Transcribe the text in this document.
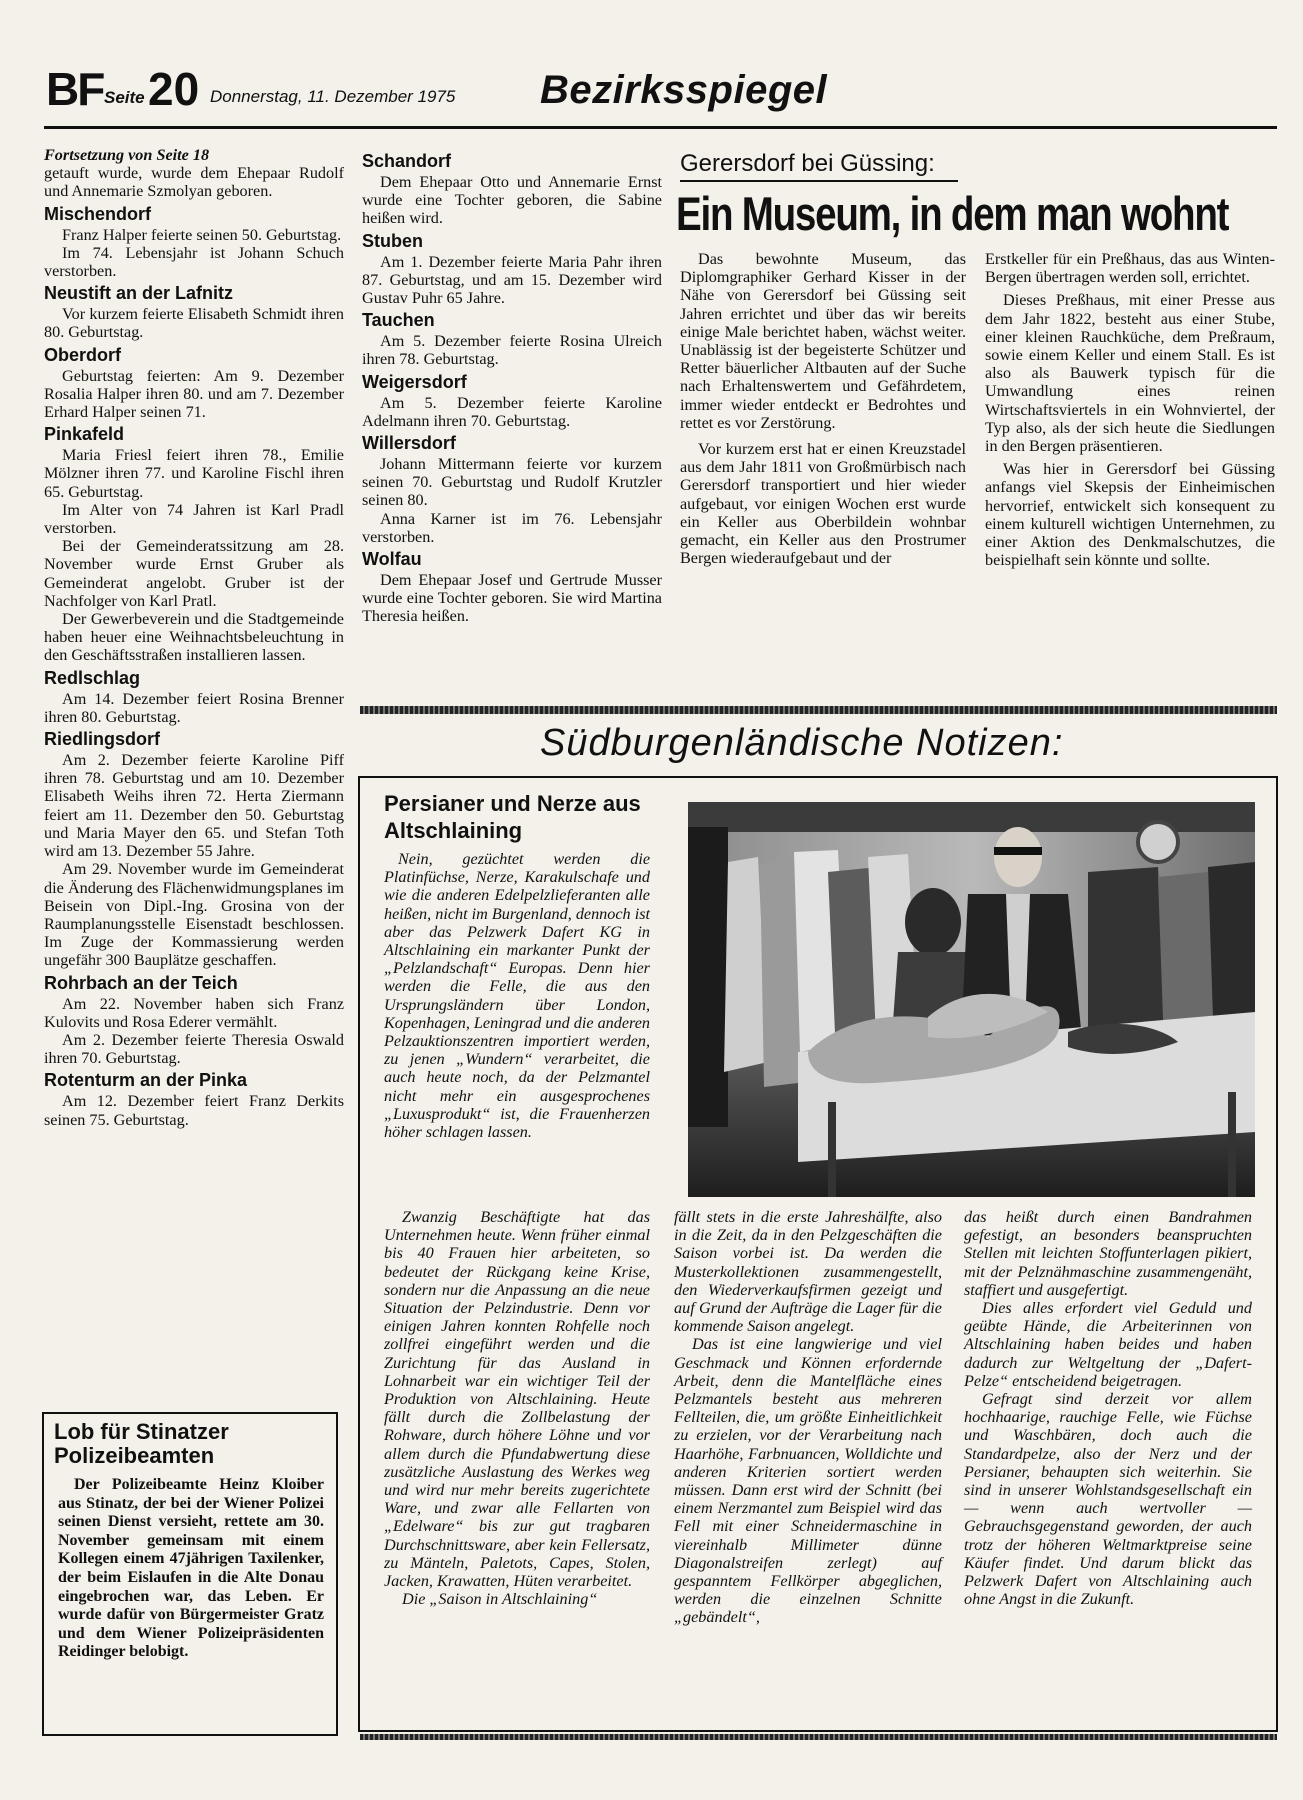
BF Seite 20 Donnerstag, 11. Dezember 1975 Bezirksspiegel

Fortsetzung von Seite 18

getauft wurde, wurde dem Ehepaar Rudolf und Annemarie Szmolyan geboren.

Mischendorf

Franz Halper feierte seinen 50. Geburtstag.

Im 74. Lebensjahr ist Johann Schuch verstorben.

Neustift an der Lafnitz

Vor kurzem feierte Elisabeth Schmidt ihren 80. Geburtstag.

Oberdorf

Geburtstag feierten: Am 9. Dezember Rosalia Halper ihren 80. und am 7. Dezember Erhard Halper seinen 71.

Pinkafeld

Maria Friesl feiert ihren 78., Emilie Mölzner ihren 77. und Karoline Fischl ihren 65. Geburtstag.

Im Alter von 74 Jahren ist Karl Pradl verstorben.

Bei der Gemeinderatssitzung am 28. November wurde Ernst Gruber als Gemeinderat angelobt. Gruber ist der Nachfolger von Karl Pratl.

Der Gewerbeverein und die Stadtgemeinde haben heuer eine Weihnachtsbeleuchtung in den Geschäftsstraßen installieren lassen.

Redlschlag

Am 14. Dezember feiert Rosina Brenner ihren 80. Geburtstag.

Riedlingsdorf

Am 2. Dezember feierte Karoline Piff ihren 78. Geburtstag und am 10. Dezember Elisabeth Weihs ihren 72. Herta Ziermann feiert am 11. Dezember den 50. Geburtstag und Maria Mayer den 65. und Stefan Toth wird am 13. Dezember 55 Jahre.

Am 29. November wurde im Gemeinderat die Änderung des Flächenwidmungsplanes im Beisein von Dipl.-Ing. Grosina von der Raumplanungsstelle Eisenstadt beschlossen. Im Zuge der Kommassierung werden ungefähr 300 Bauplätze geschaffen.

Rohrbach an der Teich

Am 22. November haben sich Franz Kulovits und Rosa Ederer vermählt.

Am 2. Dezember feierte Theresia Oswald ihren 70. Geburtstag.

Rotenturm an der Pinka

Am 12. Dezember feiert Franz Derkits seinen 75. Geburtstag.

Lob für Stinatzer Polizeibeamten

Der Polizeibeamte Heinz Kloiber aus Stinatz, der bei der Wiener Polizei seinen Dienst versieht, rettete am 30. November gemeinsam mit einem Kollegen einem 47jährigen Taxilenker, der beim Eislaufen in die Alte Donau eingebrochen war, das Leben. Er wurde dafür von Bürgermeister Gratz und dem Wiener Polizeipräsidenten Reidinger belobigt.

Schandorf

Dem Ehepaar Otto und Annemarie Ernst wurde eine Tochter geboren, die Sabine heißen wird.

Stuben

Am 1. Dezember feierte Maria Pahr ihren 87. Geburtstag, und am 15. Dezember wird Gustav Puhr 65 Jahre.

Tauchen

Am 5. Dezember feierte Rosina Ulreich ihren 78. Geburtstag.

Weigersdorf

Am 5. Dezember feierte Karoline Adelmann ihren 70. Geburtstag.

Willersdorf

Johann Mittermann feierte vor kurzem seinen 70. Geburtstag und Rudolf Krutzler seinen 80.

Anna Karner ist im 76. Lebensjahr verstorben.

Wolfau

Dem Ehepaar Josef und Gertrude Musser wurde eine Tochter geboren. Sie wird Martina Theresia heißen.

Gerersdorf bei Güssing:
Ein Museum, in dem man wohnt

Das bewohnte Museum, das Diplomgraphiker Gerhard Kisser in der Nähe von Gerersdorf bei Güssing seit Jahren errichtet und über das wir bereits einige Male berichtet haben, wächst weiter. Unablässig ist der begeisterte Schützer und Retter bäuerlicher Altbauten auf der Suche nach Erhaltenswertem und Gefährdetem, immer wieder entdeckt er Bedrohtes und rettet es vor Zerstörung.

Vor kurzem erst hat er einen Kreuzstadel aus dem Jahr 1811 von Großmürbisch nach Gerersdorf transportiert und hier wieder aufgebaut, vor einigen Wochen erst wurde ein Keller aus Oberbildein wohnbar gemacht, ein Keller aus den Prostrumer Bergen wiederaufgebaut und der

Erstkeller für ein Preßhaus, das aus Winten-Bergen übertragen werden soll, errichtet.

Dieses Preßhaus, mit einer Presse aus dem Jahr 1822, besteht aus einer Stube, einer kleinen Rauchküche, dem Preßraum, sowie einem Keller und einem Stall. Es ist also als Bauwerk typisch für die Umwandlung eines reinen Wirtschaftsviertels in ein Wohnviertel, der Typ also, als der sich heute die Siedlungen in den Bergen präsentieren.

Was hier in Gerersdorf bei Güssing anfangs viel Skepsis der Einheimischen hervorrief, entwickelt sich konsequent zu einem kulturell wichtigen Unternehmen, zu einer Aktion des Denkmalschutzes, die beispielhaft sein könnte und sollte.

Südburgenländische Notizen:
Persianer und Nerze aus Altschlaining

Nein, gezüchtet werden die Platinfüchse, Nerze, Karakulschafe und wie die anderen Edelpelzlieferanten alle heißen, nicht im Burgenland, dennoch ist aber das Pelzwerk Dafert KG in Altschlaining ein markanter Punkt der „Pelzlandschaft“ Europas. Denn hier werden die Felle, die aus den Ursprungsländern über London, Kopenhagen, Leningrad und die anderen Pelzauktionszentren importiert werden, zu jenen „Wundern“ verarbeitet, die auch heute noch, da der Pelzmantel nicht mehr ein ausgesprochenes „Luxusprodukt“ ist, die Frauenherzen höher schlagen lassen.

Zwanzig Beschäftigte hat das Unternehmen heute. Wenn früher einmal bis 40 Frauen hier arbeiteten, so bedeutet der Rückgang keine Krise, sondern nur die Anpassung an die neue Situation der Pelzindustrie. Denn vor einigen Jahren konnten Rohfelle noch zollfrei eingeführt werden und die Zurichtung für das Ausland in Lohnarbeit war ein wichtiger Teil der Produktion von Altschlaining. Heute fällt durch die Zollbelastung der Rohware, durch höhere Löhne und vor allem durch die Pfundabwertung diese zusätzliche Auslastung des Werkes weg und wird nur mehr bereits zugerichtete Ware, und zwar alle Fellarten von „Edelware“ bis zur gut tragbaren Durchschnittsware, aber kein Fellersatz, zu Mänteln, Paletots, Capes, Stolen, Jacken, Krawatten, Hüten verarbeitet.

Die „Saison in Altschlaining“

fällt stets in die erste Jahreshälfte, also in die Zeit, da in den Pelzgeschäften die Saison vorbei ist. Da werden die Musterkollektionen zusammengestellt, den Wiederverkaufsfirmen gezeigt und auf Grund der Aufträge die Lager für die kommende Saison angelegt.

Das ist eine langwierige und viel Geschmack und Können erfordernde Arbeit, denn die Mantelfläche eines Pelzmantels besteht aus mehreren Fellteilen, die, um größte Einheitlichkeit zu erzielen, vor der Verarbeitung nach Haarhöhe, Farbnuancen, Wolldichte und anderen Kriterien sortiert werden müssen. Dann erst wird der Schnitt (bei einem Nerzmantel zum Beispiel wird das Fell mit einer Schneidermaschine in viereinhalb Millimeter dünne Diagonalstreifen zerlegt) auf gespanntem Fellkörper abgeglichen, werden die einzelnen Schnitte „gebändelt“,

das heißt durch einen Bandrahmen gefestigt, an besonders beanspruchten Stellen mit leichten Stoffunterlagen pikiert, mit der Pelznähmaschine zusammengenäht, staffiert und ausgefertigt.

Dies alles erfordert viel Geduld und geübte Hände, die Arbeiterinnen von Altschlaining haben beides und haben dadurch zur Weltgeltung der „Dafert-Pelze“ entscheidend beigetragen.

Gefragt sind derzeit vor allem hochhaarige, rauchige Felle, wie Füchse und Waschbären, doch auch die Standardpelze, also der Nerz und der Persianer, behaupten sich weiterhin. Sie sind in unserer Wohlstandsgesellschaft ein — wenn auch wertvoller — Gebrauchsgegenstand geworden, der auch trotz der höheren Weltmarktpreise seine Käufer findet. Und darum blickt das Pelzwerk Dafert von Altschlaining auch ohne Angst in die Zukunft.
